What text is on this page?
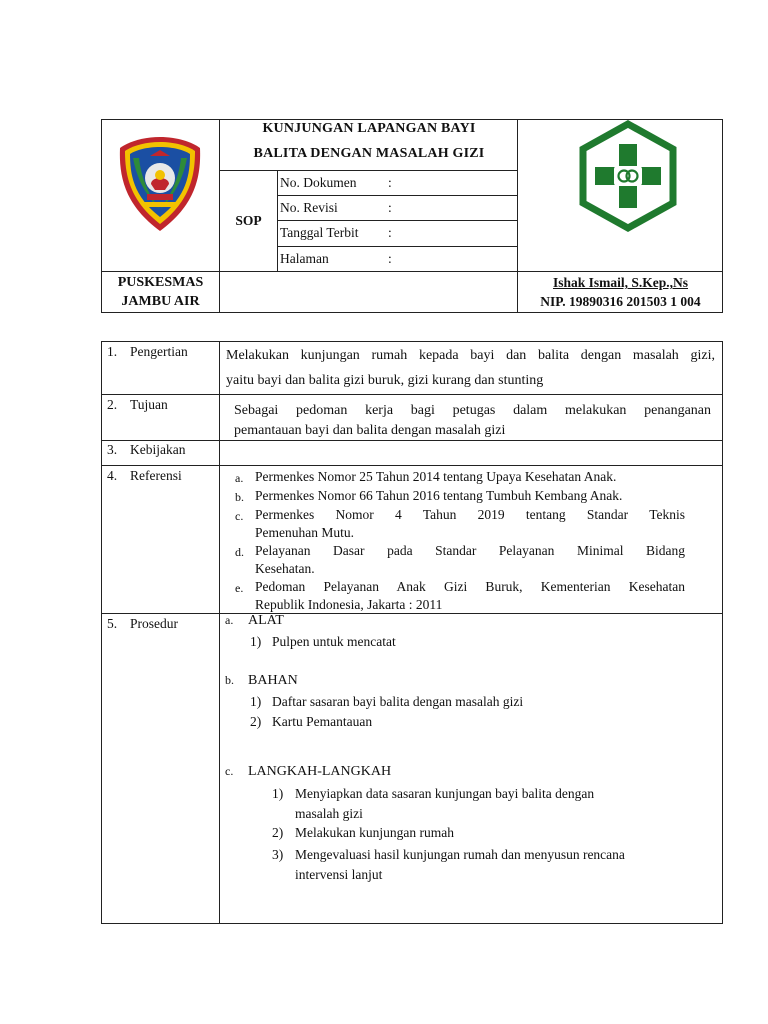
KUNJUNGAN LAPANGAN BAYI
BALITA DENGAN MASALAH GIZI
SOP
No. Dokumen	:
No. Revisi	:
Tanggal Terbit	:
Halaman	:
PUSKESMAS
JAMBU AIR
Ishak Ismail, S.Kep.,Ns
NIP. 19890316 201503 1 004
1. Pengertian	Melakukan kunjungan rumah kepada bayi dan balita dengan masalah gizi,
yaitu bayi dan balita gizi buruk, gizi kurang dan stunting
2. Tujuan	Sebagai pedoman kerja bagi petugas dalam melakukan penanganan
pemantauan bayi dan balita dengan masalah gizi
3. Kebijakan
4. Referensi	a. Permenkes Nomor 25 Tahun 2014 tentang Upaya Kesehatan Anak.
b. Permenkes Nomor 66 Tahun 2016 tentang Tumbuh Kembang Anak.
c. Permenkes Nomor 4 Tahun 2019 tentang Standar Teknis
Pemenuhan Mutu.
d. Pelayanan Dasar pada Standar Pelayanan Minimal Bidang
Kesehatan.
e. Pedoman Pelayanan Anak Gizi Buruk, Kementerian Kesehatan
Republik Indonesia, Jakarta : 2011
5. Prosedur	a. ALAT
1) Pulpen untuk mencatat
b. BAHAN
1) Daftar sasaran bayi balita dengan masalah gizi
2) Kartu Pemantauan
c. LANGKAH-LANGKAH
1) Menyiapkan data sasaran kunjungan bayi balita dengan
masalah gizi
2) Melakukan kunjungan rumah
3) Mengevaluasi hasil kunjungan rumah dan menyusun rencana
intervensi lanjut
